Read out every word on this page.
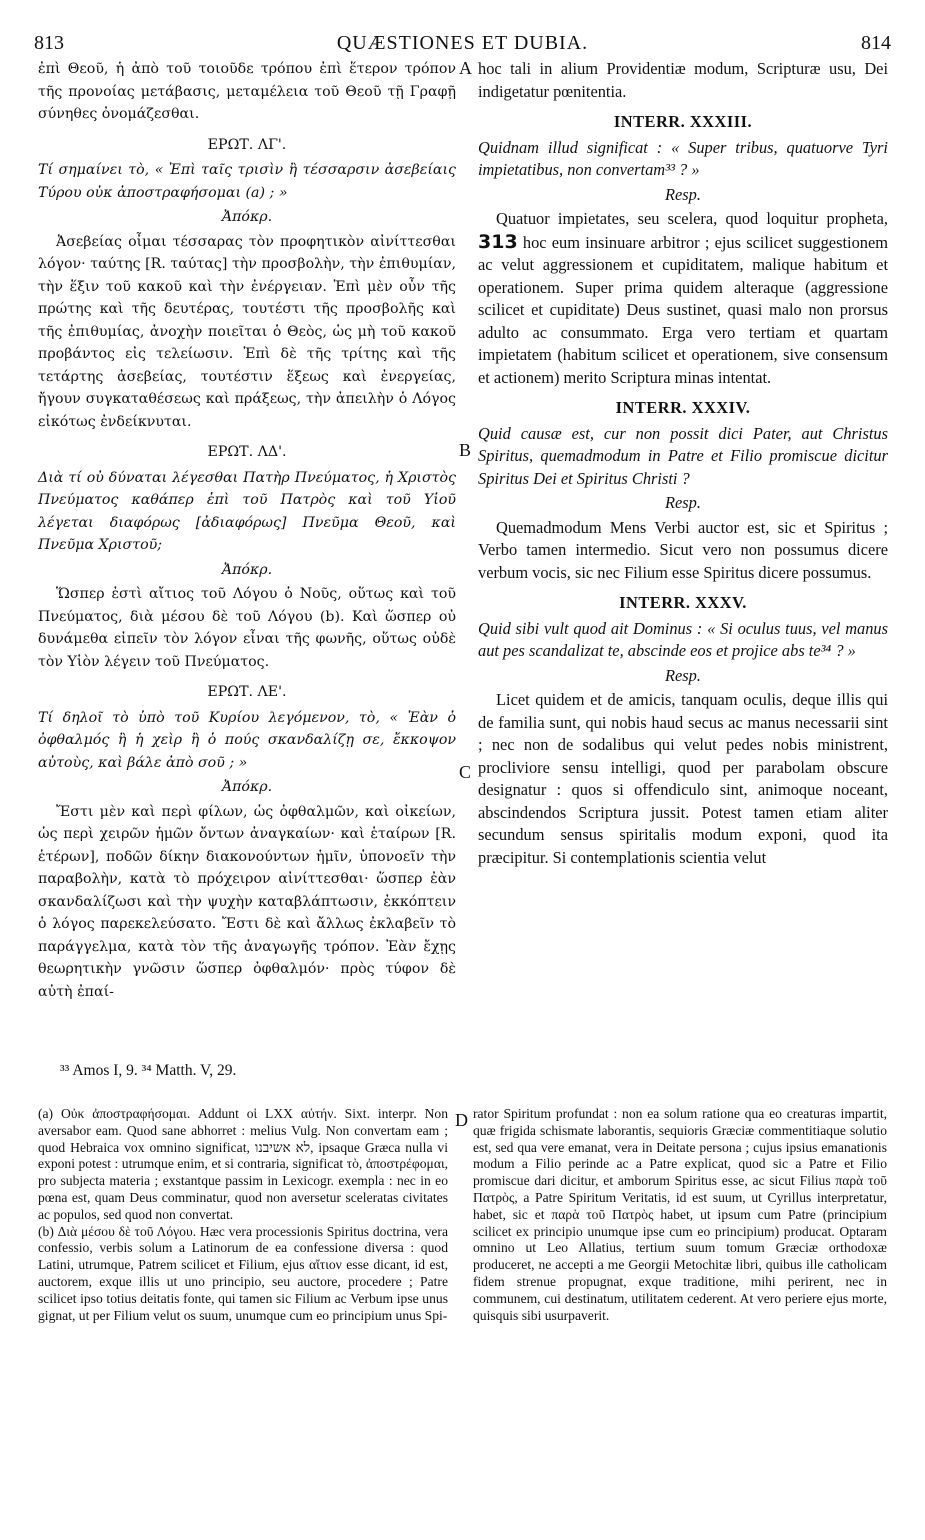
813	QUÆSTIONES ET DUBIA.	814
A
B
C
D

ἐπὶ Θεοῦ, ἡ ἀπὸ τοῦ τοιοῦδε τρόπου ἐπὶ ἕτερον τρόπον τῆς προνοίας μετάβασις, μεταμέλεια τοῦ Θεοῦ τῇ Γραφῇ σύνηθες ὀνομάζεσθαι.

ΕΡΩΤ. ΛΓ'.

Τί σημαίνει τὸ, « Ἐπὶ ταῖς τρισὶν ἢ τέσσαρσιν ἀσεβείαις Τύρου οὐκ ἀποστραφήσομαι (a) ; »

Ἀπόκρ.

Ἀσεβείας οἶμαι τέσσαρας τὸν προφητικὸν αἰνίττεσθαι λόγον· ταύτης [R. ταύτας] τὴν προσβολὴν, τὴν ἐπιθυμίαν, τὴν ἕξιν τοῦ κακοῦ καὶ τὴν ἐνέργειαν. Ἐπὶ μὲν οὖν τῆς πρώτης καὶ τῆς δευτέρας, τουτέστι τῆς προσβολῆς καὶ τῆς ἐπιθυμίας, ἀνοχὴν ποιεῖται ὁ Θεὸς, ὡς μὴ τοῦ κακοῦ προβάντος εἰς τελείωσιν. Ἐπὶ δὲ τῆς τρίτης καὶ τῆς τετάρτης ἀσεβείας, τουτέστιν ἕξεως καὶ ἐνεργείας, ἤγουν συγκαταθέσεως καὶ πράξεως, τὴν ἀπειλὴν ὁ Λόγος εἰκότως ἐνδείκνυται.

ΕΡΩΤ. ΛΔ'.

Διὰ τί οὐ δύναται λέγεσθαι Πατὴρ Πνεύματος, ἡ Χριστὸς Πνεύματος καθάπερ ἐπὶ τοῦ Πατρὸς καὶ τοῦ Υἱοῦ λέγεται διαφόρως [ἀδιαφόρως] Πνεῦμα Θεοῦ, καὶ Πνεῦμα Χριστοῦ;

Ἀπόκρ.

Ὥσπερ ἐστὶ αἴτιος τοῦ Λόγου ὁ Νοῦς, οὕτως καὶ τοῦ Πνεύματος, διὰ μέσου δὲ τοῦ Λόγου (b). Καὶ ὥσπερ οὐ δυνάμεθα εἰπεῖν τὸν λόγον εἶναι τῆς φωνῆς, οὕτως οὐδὲ τὸν Υἱὸν λέγειν τοῦ Πνεύματος.

ΕΡΩΤ. ΛΕ'.

Τί δηλοῖ τὸ ὑπὸ τοῦ Κυρίου λεγόμενον, τὸ, « Ἐὰν ὁ ὀφθαλμός ἢ ἡ χεὶρ ἢ ὁ πούς σκανδαλίζῃ σε, ἔκκοψον αὐτοὺς, καὶ βάλε ἀπὸ σοῦ ; »

Ἀπόκρ.

Ἔστι μὲν καὶ περὶ φίλων, ὡς ὀφθαλμῶν, καὶ οἰκείων, ὡς περὶ χειρῶν ἡμῶν ὄντων ἀναγκαίων· καὶ ἑταίρων [R. ἑτέρων], ποδῶν δίκην διακονούντων ἡμῖν, ὑπονοεῖν τὴν παραβολὴν, κατὰ τὸ πρόχειρον αἰνίττεσθαι· ὥσπερ ἐὰν σκανδαλίζωσι καὶ τὴν ψυχὴν καταβλάπτωσιν, ἐκκόπτειν ὁ λόγος παρεκελεύσατο. Ἔστι δὲ καὶ ἄλλως ἐκλαβεῖν τὸ παράγγελμα, κατὰ τὸν τῆς ἀναγωγῆς τρόπον. Ἐὰν ἔχῃς θεωρητικὴν γνῶσιν ὥσπερ ὀφθαλμόν· πρὸς τύφον δὲ αὐτὴ ἐπαί-

hoc tali in alium Providentiæ modum, Scripturæ usu, Dei indigetatur pœnitentia.

INTERR. XXXIII.

Quidnam illud significat : « Super tribus, quatuorve Tyri impietatibus, non convertam³³ ? »

Resp.

Quatuor impietates, seu scelera, quod loquitur propheta, 313 hoc eum insinuare arbitror ; ejus scilicet suggestionem ac velut aggressionem et cupiditatem, malique habitum et operationem. Super prima quidem alteraque (aggressione scilicet et cupiditate) Deus sustinet, quasi malo non prorsus adulto ac consummato. Erga vero tertiam et quartam impietatem (habitum scilicet et operationem, sive consensum et actionem) merito Scriptura minas intentat.

INTERR. XXXIV.

Quid causæ est, cur non possit dici Pater, aut Christus Spiritus, quemadmodum in Patre et Filio promiscue dicitur Spiritus Dei et Spiritus Christi ?

Resp.

Quemadmodum Mens Verbi auctor est, sic et Spiritus ; Verbo tamen intermedio. Sicut vero non possumus dicere verbum vocis, sic nec Filium esse Spiritus dicere possumus.

INTERR. XXXV.

Quid sibi vult quod ait Dominus : « Si oculus tuus, vel manus aut pes scandalizat te, abscinde eos et projice abs te³⁴ ? »

Resp.

Licet quidem et de amicis, tanquam oculis, deque illis qui de familia sunt, qui nobis haud secus ac manus necessarii sint ; nec non de sodalibus qui velut pedes nobis ministrent, procliviore sensu intelligi, quod per parabolam obscure designatur : quos si offendiculo sint, animoque noceant, abscindendos Scriptura jussit. Potest tamen etiam aliter secundum sensus spiritalis modum exponi, quod ita præcipitur. Si contemplationis scientia velut

³³ Amos I, 9. ³⁴ Matth. V, 29.

(a) Οὐκ ἀποστραφήσομαι. Addunt οἱ LXX αὐτήν. Sixt. interpr. Non aversabor eam. Quod sane abhorret : melius Vulg. Non convertam eam ; quod Hebraica vox omnino significat, לא אשיבנו, ipsaque Græca nulla vi exponi potest : utrumque enim, et si contraria, significat τὸ, ἀποστρέφομαι, pro subjecta materia ; exstantque passim in Lexicogr. exempla : nec in eo pœna est, quam Deus comminatur, quod non aversetur sceleratas civitates ac populos, sed quod non convertat.

(b) Διὰ μέσου δὲ τοῦ Λόγου. Hæc vera processionis Spiritus doctrina, vera confessio, verbis solum a Latinorum de ea confessione diversa : quod Latini, utrumque, Patrem scilicet et Filium, ejus αἴτιον esse dicant, id est, auctorem, exque illis ut uno principio, seu auctore, procedere ; Patre scilicet ipso totius deitatis fonte, qui tamen sic Filium ac Verbum ipse unus gignat, ut per Filium velut os suum, unumque cum eo principium unus Spi-

rator Spiritum profundat : non ea solum ratione qua eo creaturas impartit, quæ frigida schismate laborantis, sequioris Græciæ commentitiaque solutio est, sed qua vere emanat, vera in Deitate persona ; cujus ipsius emanationis modum a Filio perinde ac a Patre explicat, quod sic a Patre et Filio promiscue dari dicitur, et amborum Spiritus esse, ac sicut Filius παρὰ τοῦ Πατρὸς, a Patre Spiritum Veritatis, id est suum, ut Cyrillus interpretatur, habet, sic et παρὰ τοῦ Πατρὸς habet, ut ipsum cum Patre (principium scilicet ex principio unumque ipse cum eo principium) producat. Optaram omnino ut Leo Allatius, tertium suum tomum Græciæ orthodoxæ produceret, ne accepti a me Georgii Metochitæ libri, quibus ille catholicam fidem strenue propugnat, exque traditione, mihi perirent, nec in communem, cui destinatum, utilitatem cederent. At vero periere ejus morte, quisquis sibi usurpaverit.
